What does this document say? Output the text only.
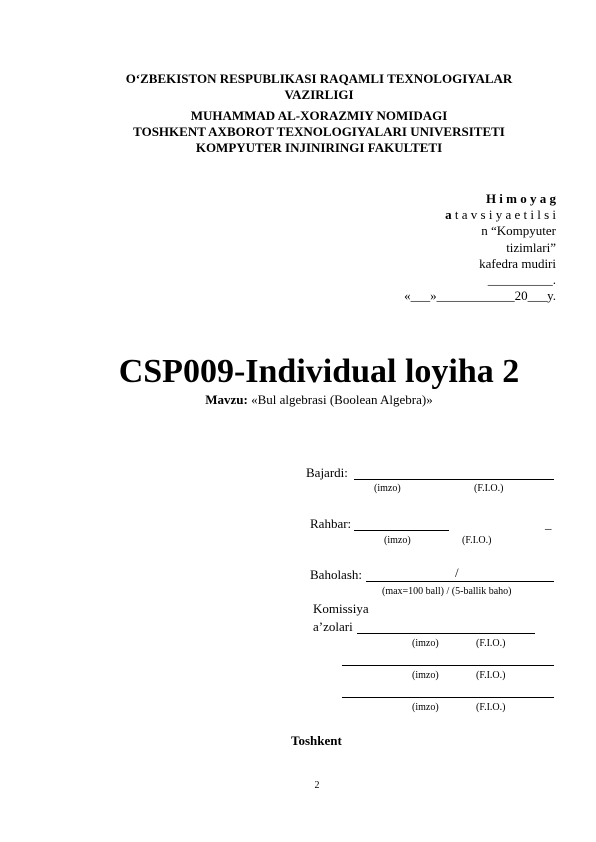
O‘ZBEKISTON RESPUBLIKASI RAQAMLI TEXNOLOGIYALAR
VAZIRLIGI
MUHAMMAD AL-XORAZMIY NOMIDAGI
TOSHKENT AXBOROT TEXNOLOGIYALARI UNIVERSITETI
KOMPYUTER INJINIRINGI FAKULTETI
H i m o y a g
a t a v s i y a e t i l s i
n “Kompyuter
tizimlari”
kafedra mudiri
__________.
«___»____________20___y.
CSP009-Individual loyiha 2
Mavzu: «Bul algebrasi (Boolean Algebra)»
Bajardi:
(imzo)	(F.I.O.)
Rahbar:	_
(imzo)	(F.I.O.)
Baholash:	/
(max=100 ball) / (5-ballik baho)
Komissiya
a’zolari
(imzo)	(F.I.O.)
(imzo)	(F.I.O.)
(imzo)	(F.I.O.)
Toshkent
2
